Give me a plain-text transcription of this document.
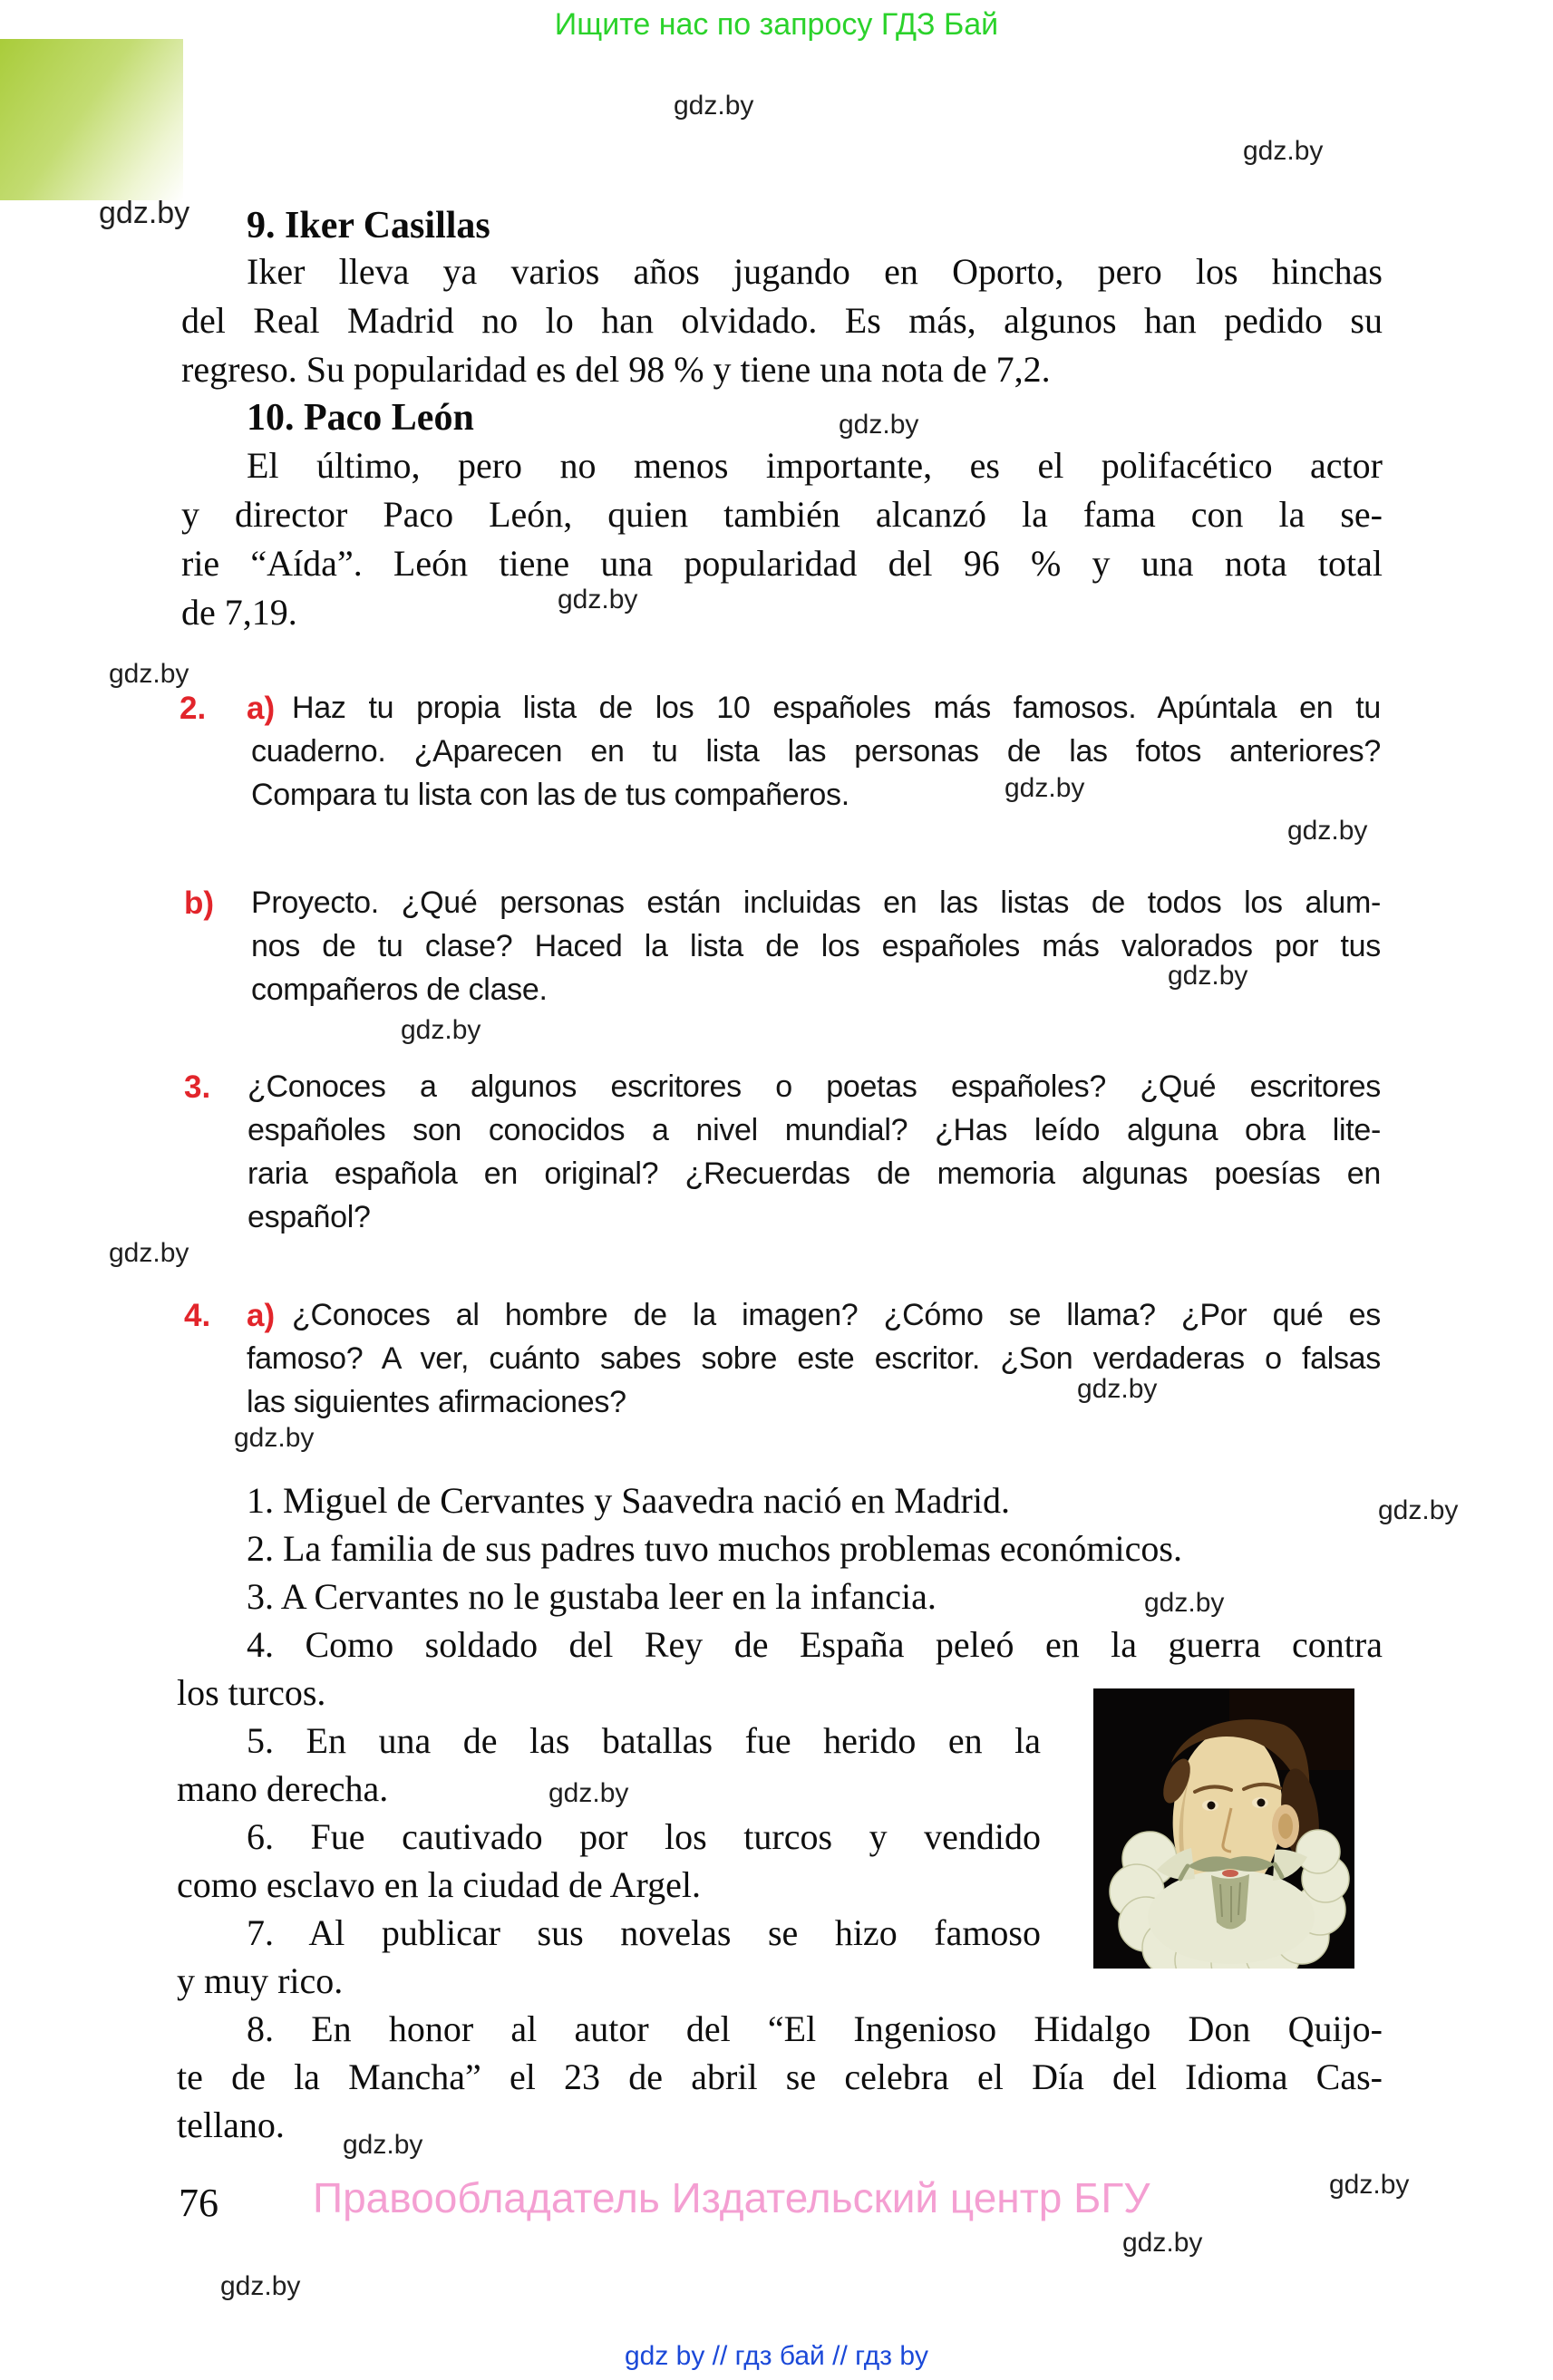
Ищите нас по запросу ГДЗ Бай
gdz.by
gdz.by
gdz.by
gdz.by
gdz.by
gdz.by
gdz.by
gdz.by
gdz.by
gdz.by
gdz.by
gdz.by
gdz.by
gdz.by
gdz.by
gdz.by
gdz.by
gdz.by
gdz.by
gdz.by
9. Iker Casillas
Iker lleva ya varios años jugando en Oporto, pero los hinchas
del Real Madrid no lo han olvidado. Es más, algunos han pedido su
regreso. Su popularidad es del 98 % y tiene una nota de 7,2.
10. Paco León
El último, pero no menos importante, es el polifacético actor
y director Paco León, quien también alcanzó la fama con la se-
rie “Aída”. León tiene una popularidad del 96 % y una nota total
de 7,19.
2. a) Haz tu propia lista de los 10 españoles más famosos. Apúntala en tu
cuaderno. ¿Aparecen en tu lista las personas de las fotos anteriores?
Compara tu lista con las de tus compañeros.
b) Proyecto. ¿Qué personas están incluidas en las listas de todos los alum-
nos de tu clase? Haced la lista de los españoles más valorados por tus
compañeros de clase.
3. ¿Conoces a algunos escritores o poetas españoles? ¿Qué escritores
españoles son conocidos a nivel mundial? ¿Has leído alguna obra lite-
raria española en original? ¿Recuerdas de memoria algunas poesías en
español?
4. a) ¿Conoces al hombre de la imagen? ¿Cómo se llama? ¿Por qué es
famoso? A ver, cuánto sabes sobre este escritor. ¿Son verdaderas o falsas
las siguientes afirmaciones?
1. Miguel de Cervantes y Saavedra nació en Madrid.
2. La familia de sus padres tuvo muchos problemas económicos.
3. A Cervantes no le gustaba leer en la infancia.
4. Como soldado del Rey de España peleó en la guerra contra
los turcos.
5. En una de las batallas fue herido en la
mano derecha.
6. Fue cautivado por los turcos y vendido
como esclavo en la ciudad de Argel.
7. Al publicar sus novelas se hizo famoso
y muy rico.
8. En honor al autor del “El Ingenioso Hidalgo Don Quijo-
te de la Mancha” el 23 de abril se celebra el Día del Idioma Cas-
tellano.
76 Правообладатель Издательский центр БГУ
gdz by // гдз бай // гдз by
